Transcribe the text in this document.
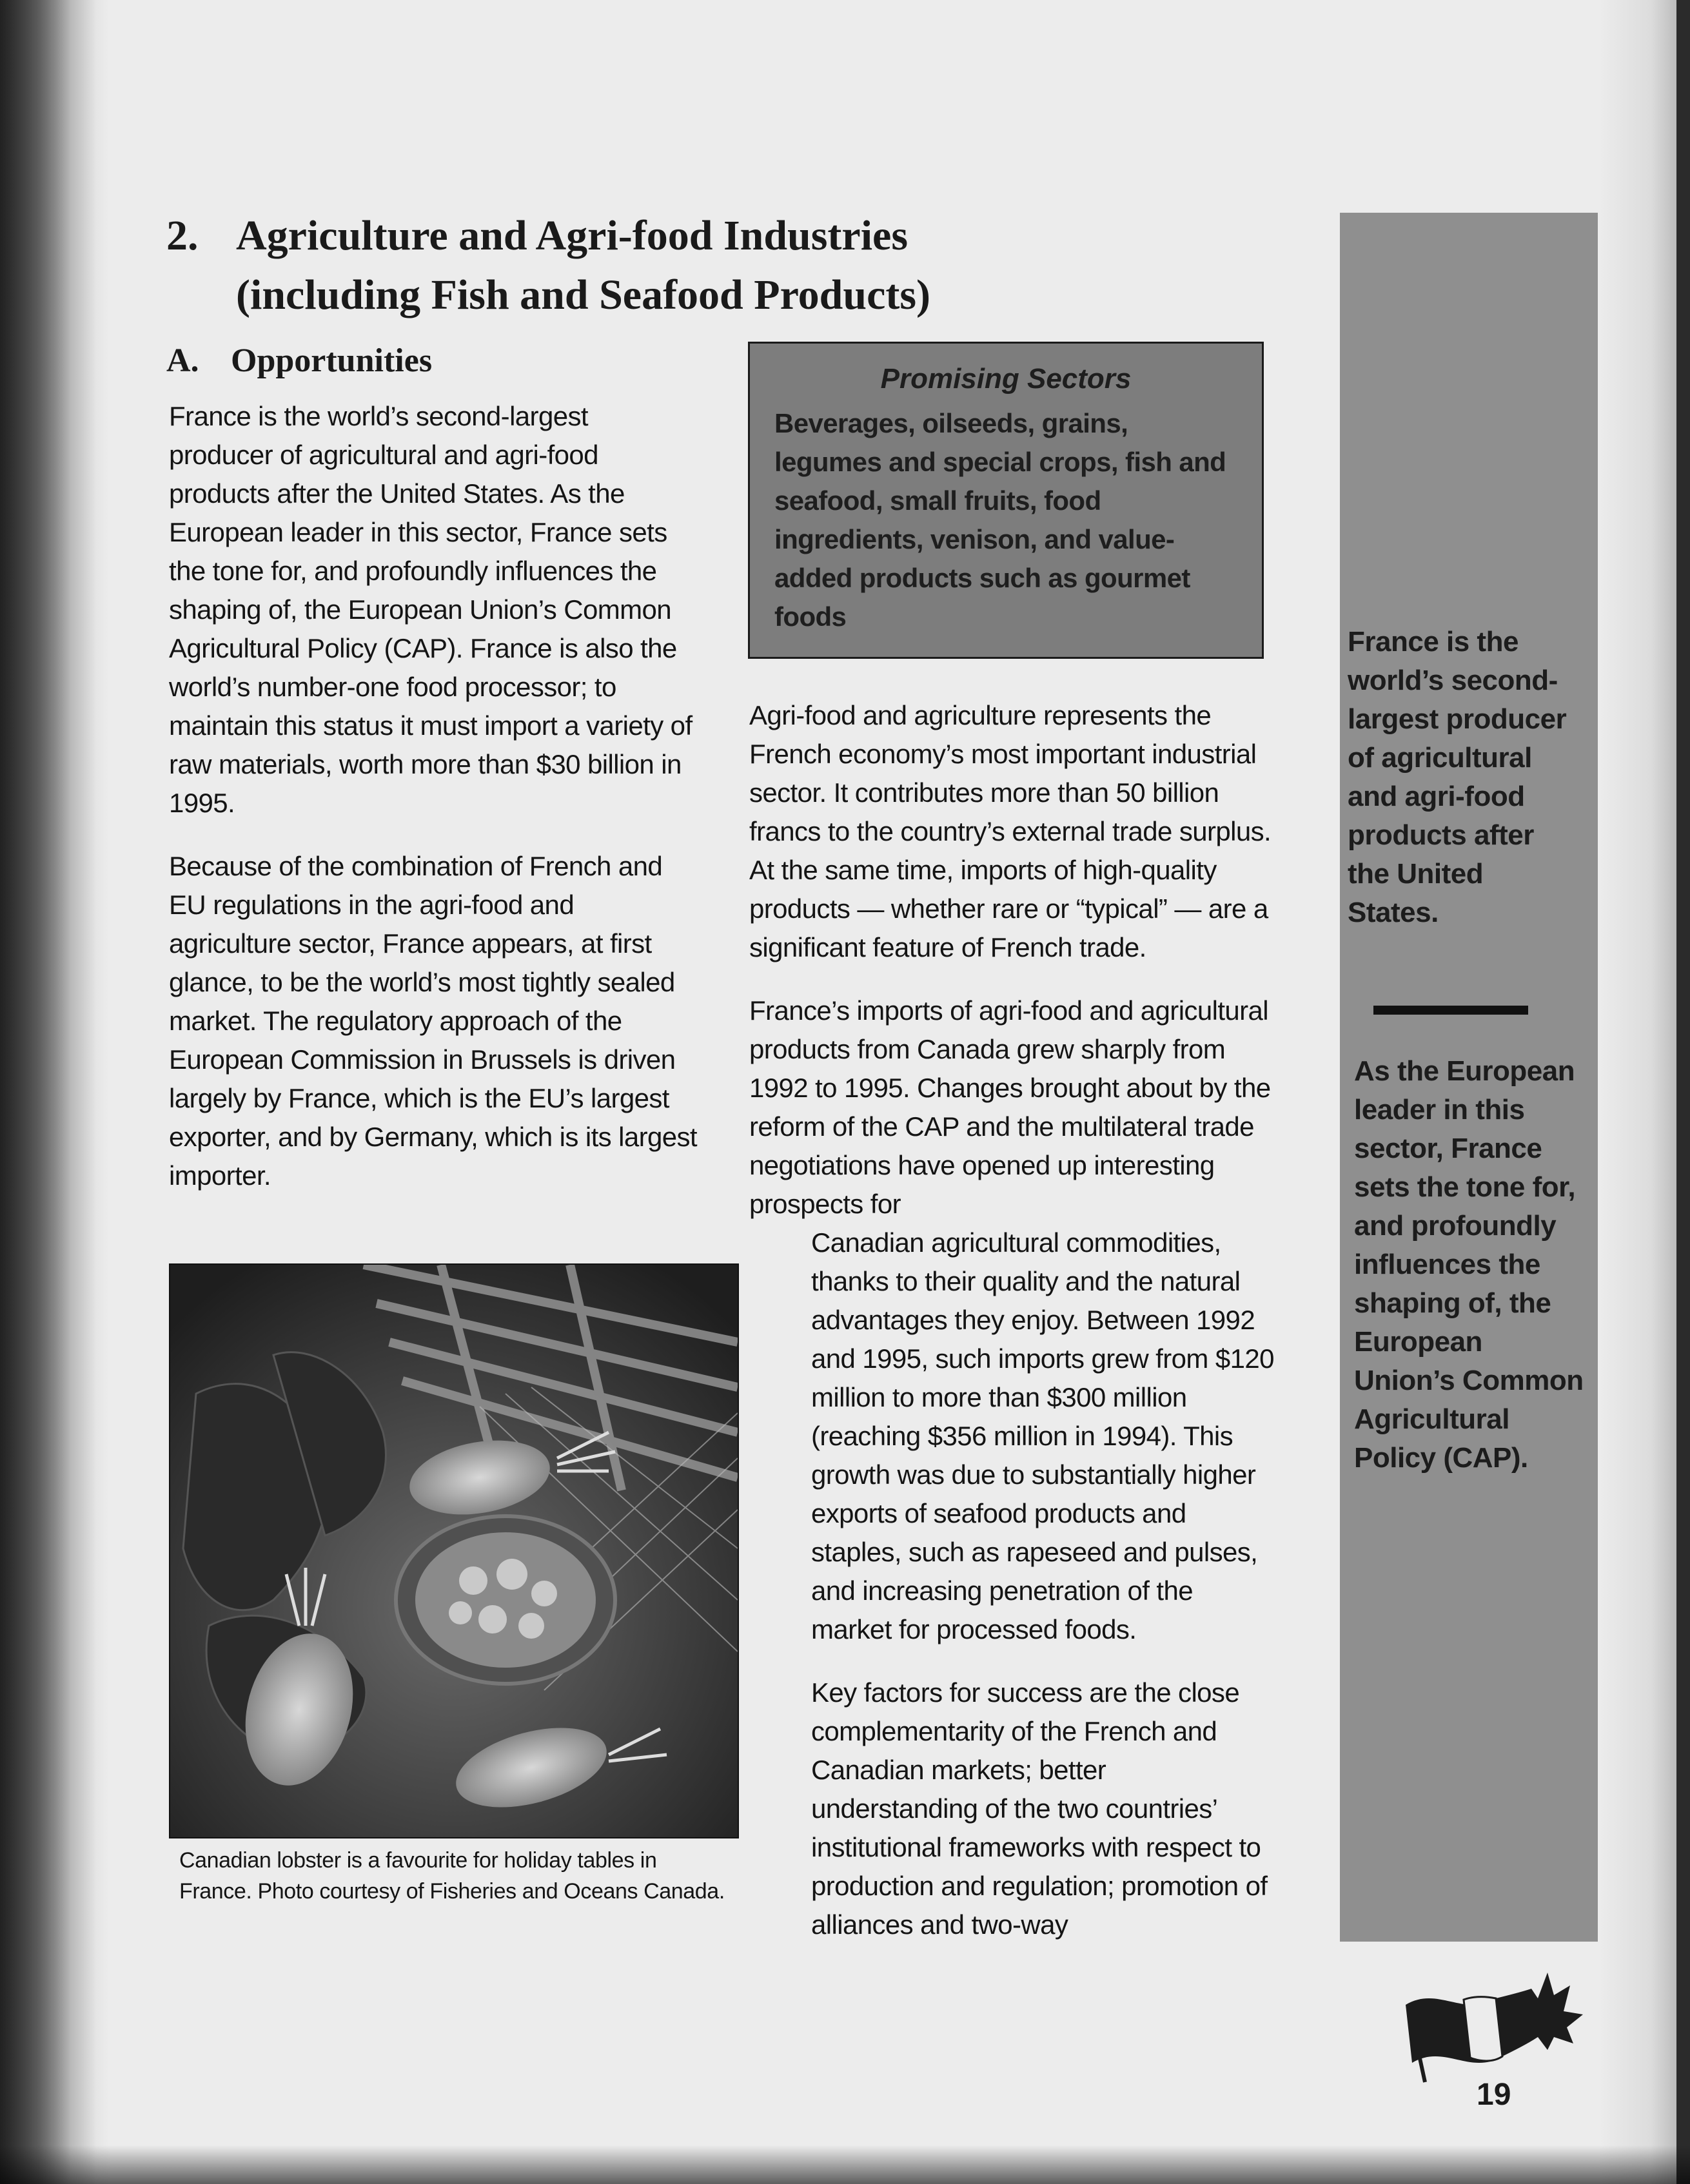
2. Agriculture and Agri-food Industries
(including Fish and Seafood Products)
A. Opportunities

France is the world’s second-largest producer of agricultural and agri-food products after the United States. As the European leader in this sector, France sets the tone for, and profoundly influences the shaping of, the European Union’s Common Agricultural Policy (CAP). France is also the world’s number-one food processor; to maintain this status it must import a variety of raw materials, worth more than $30 billion in 1995.

Because of the combination of French and EU regulations in the agri-food and agriculture sector, France appears, at first glance, to be the world’s most tightly sealed market. The regulatory approach of the European Commission in Brussels is driven largely by France, which is the EU’s largest exporter, and by Germany, which is its largest importer.

Canadian lobster is a favourite for holiday tables in France. Photo courtesy of Fisheries and Oceans Canada.
Promising Sectors
Beverages, oilseeds, grains, legumes and special crops, fish and seafood, small fruits, food ingredients, venison, and value-added products such as gourmet foods

Agri-food and agriculture represents the French economy’s most important industrial sector. It contributes more than 50 billion francs to the country’s external trade surplus. At the same time, imports of high-quality products — whether rare or “typical” — are a significant feature of French trade.

France’s imports of agri-food and agricultural products from Canada grew sharply from 1992 to 1995. Changes brought about by the reform of the CAP and the multilateral trade negotiations have opened up interesting prospects for

Canadian agricultural commodities, thanks to their quality and the natural advantages they enjoy. Between 1992 and 1995, such imports grew from $120 million to more than $300 million (reaching $356 million in 1994). This growth was due to substantially higher exports of seafood products and staples, such as rapeseed and pulses, and increasing penetration of the market for processed foods.

Key factors for success are the close complementarity of the French and Canadian markets; better understanding of the two countries’ institutional frameworks with respect to production and regulation; promotion of alliances and two-way

France is the world’s second-largest producer of agricultural and agri-food products after the United States.
As the European leader in this sector, France sets the tone for, and profoundly influences the shaping of, the European Union’s Common Agricultural Policy (CAP).
19
